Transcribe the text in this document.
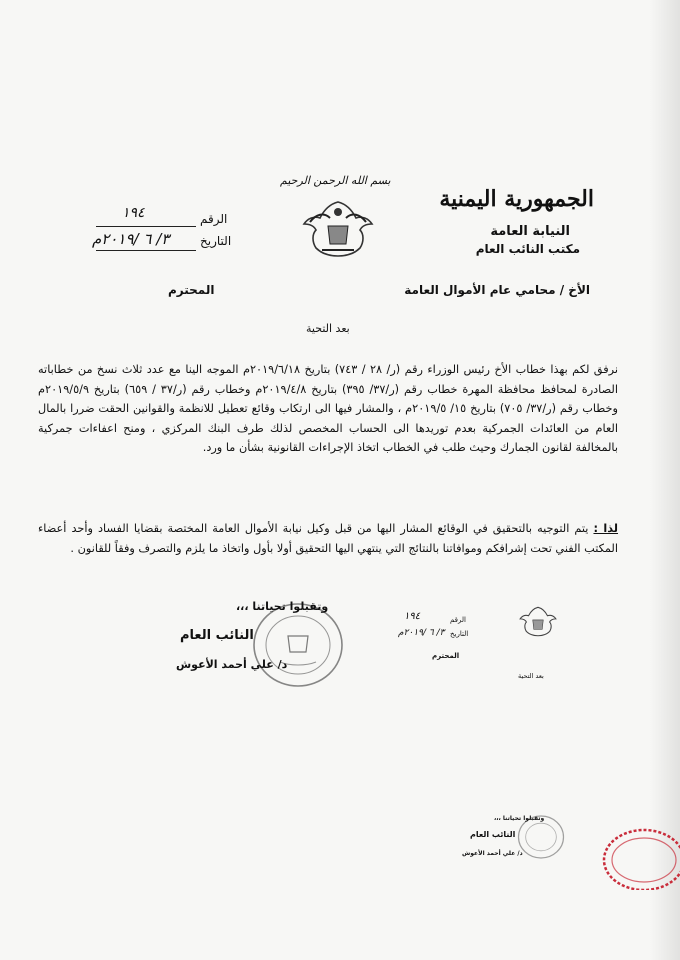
الجمهورية اليمنية
النيابة العامة
مكتب النائب العام
بسم الله الرحمن الرحيم
الرقم
١٩٤
التاريخ
٣/ ٦ /٢٠١٩م
الأخ / محامي عام الأموال العامة
المحترم
بعد التحية

نرفق لكم بهذا خطاب الأخ رئيس الوزراء رقم (ر/ ٢٨ / ٧٤٣) بتاريخ ٢٠١٩/٦/١٨م الموجه الينا مع عدد ثلاث نسخ من خطاباته الصادرة لمحافظ محافظة المهرة خطاب رقم (ر/٣٧/ ٣٩٥) بتاريخ ٢٠١٩/٤/٨م وخطاب رقم (ر/٣٧ / ٦٥٩) بتاريخ ٢٠١٩/٥/٩م وخطاب رقم (ر/٣٧/ ٧٠٥) بتاريخ ١٥/ ٢٠١٩/٥م ، والمشار فيها الى ارتكاب وقائع تعطيل للانظمة والقوانين الحقت ضررا بالمال العام من العائدات الجمركية بعدم توريدها الى الحساب المخصص لذلك طرف البنك المركزي ، ومنح اعفاءات جمركية بالمخالفة لقانون الجمارك وحيث طلب في الخطاب اتخاذ الإجراءات القانونية بشأن ما ورد.

لذا : يتم التوجيه بالتحقيق في الوقائع المشار اليها من قبل وكيل نيابة الأموال العامة المختصة بقضايا الفساد وأحد أعضاء المكتب الفني تحت إشرافكم وموافاتنا بالنتائج التي ينتهي اليها التحقيق أولا بأول واتخاذ ما يلزم والتصرف وفقاً للقانون .

وتقبلوا تحياتنا ،،،
النائب العام
د/ علي أحمد الأعوش
الرقم
١٩٤
التاريخ
٣/ ٦ /٢٠١٩م
المحترم
بعد التحية

وتقبلوا تحياتنا ،،،
النائب العام
د/ علي أحمد الأعوش
